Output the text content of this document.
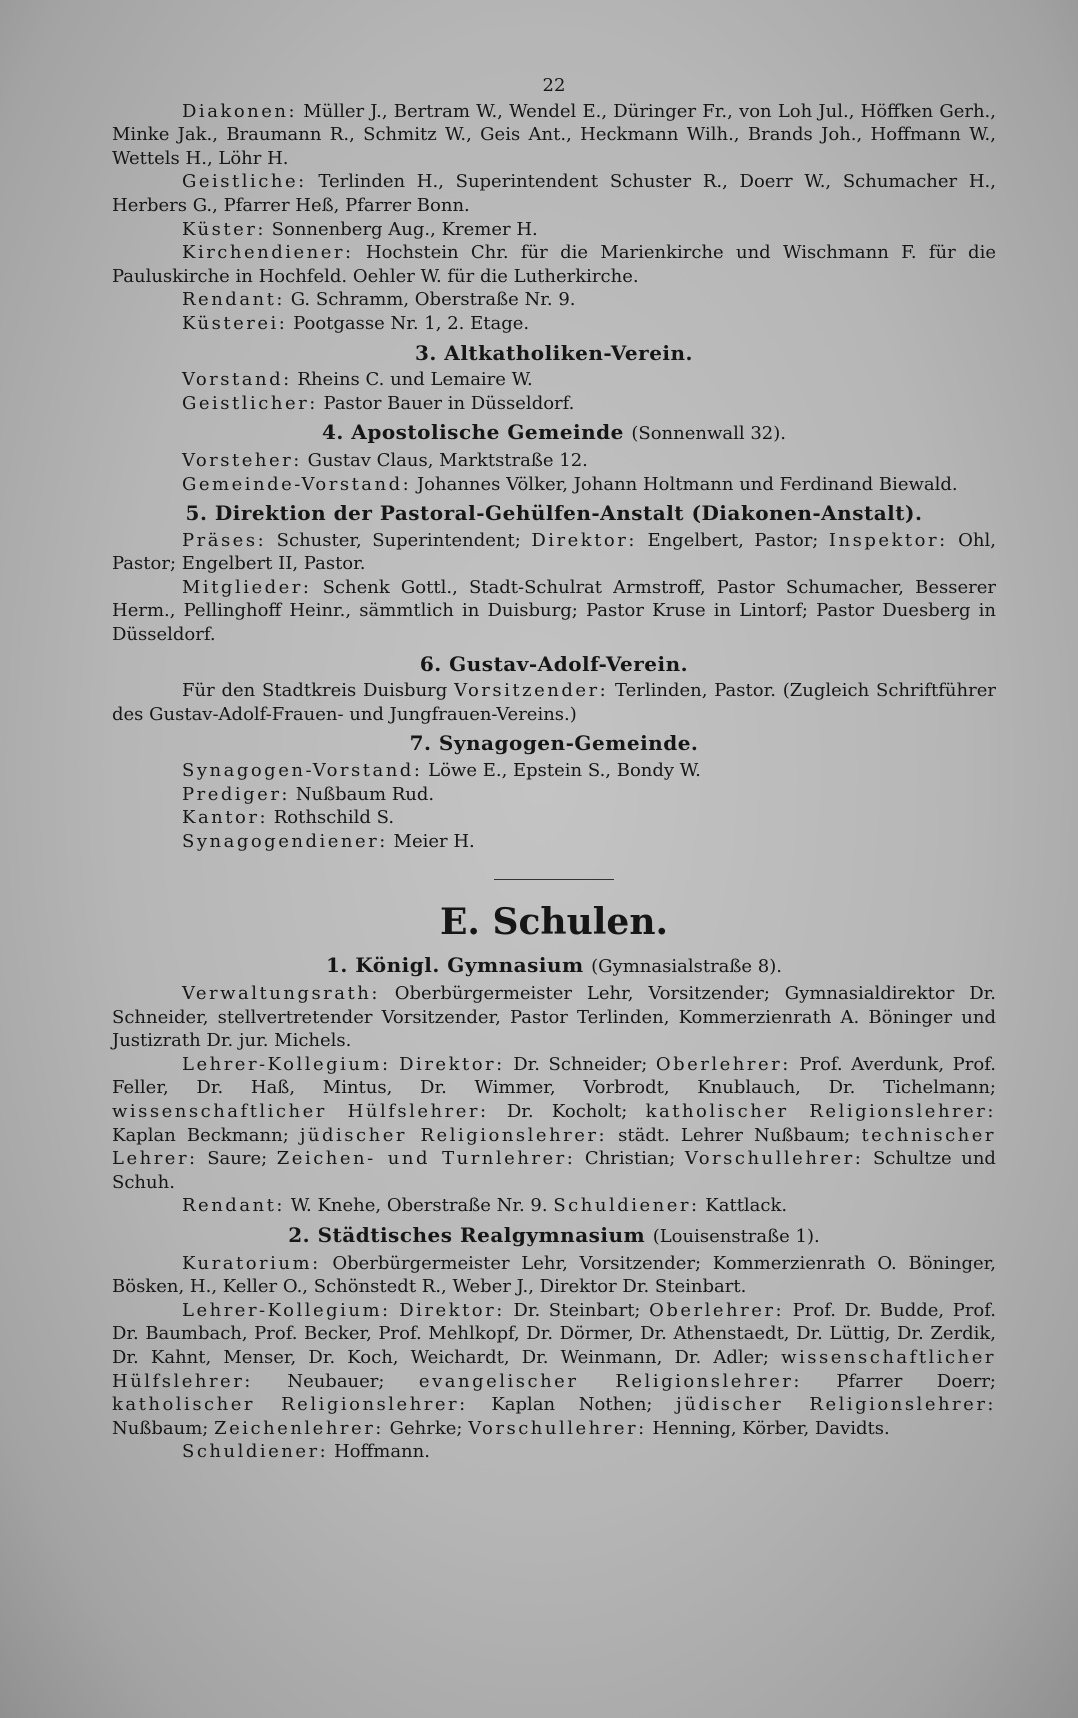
22

Diakonen: Müller J., Bertram W., Wendel E., Düringer Fr., von Loh Jul., Höffken Gerh., Minke Jak., Braumann R., Schmitz W., Geis Ant., Heckmann Wilh., Brands Joh., Hoffmann W., Wettels H., Löhr H.

Geistliche: Terlinden H., Superintendent Schuster R., Doerr W., Schumacher H., Herbers G., Pfarrer Heß, Pfarrer Bonn.

Küster: Sonnenberg Aug., Kremer H.

Kirchendiener: Hochstein Chr. für die Marienkirche und Wischmann F. für die Pauluskirche in Hochfeld. Oehler W. für die Lutherkirche.

Rendant: G. Schramm, Oberstraße Nr. 9.

Küsterei: Pootgasse Nr. 1, 2. Etage.

3. Altkatholiken-Verein.

Vorstand: Rheins C. und Lemaire W.

Geistlicher: Pastor Bauer in Düsseldorf.

4. Apostolische Gemeinde (Sonnenwall 32).

Vorsteher: Gustav Claus, Marktstraße 12.

Gemeinde-Vorstand: Johannes Völker, Johann Holtmann und Ferdinand Biewald.

5. Direktion der Pastoral-Gehülfen-Anstalt (Diakonen-Anstalt).

Präses: Schuster, Superintendent; Direktor: Engelbert, Pastor; Inspektor: Ohl, Pastor; Engelbert II, Pastor.

Mitglieder: Schenk Gottl., Stadt-Schulrat Armstroff, Pastor Schumacher, Besserer Herm., Pellinghoff Heinr., sämmtlich in Duisburg; Pastor Kruse in Lintorf; Pastor Duesberg in Düsseldorf.

6. Gustav-Adolf-Verein.

Für den Stadtkreis Duisburg Vorsitzender: Terlinden, Pastor. (Zugleich Schriftführer des Gustav-Adolf-Frauen- und Jungfrauen-Vereins.)

7. Synagogen-Gemeinde.

Synagogen-Vorstand: Löwe E., Epstein S., Bondy W.

Prediger: Nußbaum Rud.

Kantor: Rothschild S.

Synagogendiener: Meier H.

E. Schulen.
1. Königl. Gymnasium (Gymnasialstraße 8).

Verwaltungsrath: Oberbürgermeister Lehr, Vorsitzender; Gymnasialdirektor Dr. Schneider, stellvertretender Vorsitzender, Pastor Terlinden, Kommerzienrath A. Böninger und Justizrath Dr. jur. Michels.

Lehrer-Kollegium: Direktor: Dr. Schneider; Oberlehrer: Prof. Averdunk, Prof. Feller, Dr. Haß, Mintus, Dr. Wimmer, Vorbrodt, Knublauch, Dr. Tichelmann; wissenschaftlicher Hülfslehrer: Dr. Kocholt; katholischer Religionslehrer: Kaplan Beckmann; jüdischer Religionslehrer: städt. Lehrer Nußbaum; technischer Lehrer: Saure; Zeichen- und Turnlehrer: Christian; Vorschullehrer: Schultze und Schuh.

Rendant: W. Knehe, Oberstraße Nr. 9. Schuldiener: Kattlack.

2. Städtisches Realgymnasium (Louisenstraße 1).

Kuratorium: Oberbürgermeister Lehr, Vorsitzender; Kommerzienrath O. Böninger, Bösken, H., Keller O., Schönstedt R., Weber J., Direktor Dr. Steinbart.

Lehrer-Kollegium: Direktor: Dr. Steinbart; Oberlehrer: Prof. Dr. Budde, Prof. Dr. Baumbach, Prof. Becker, Prof. Mehlkopf, Dr. Dörmer, Dr. Athenstaedt, Dr. Lüttig, Dr. Zerdik, Dr. Kahnt, Menser, Dr. Koch, Weichardt, Dr. Weinmann, Dr. Adler; wissenschaftlicher Hülfslehrer: Neubauer; evangelischer Religionslehrer: Pfarrer Doerr; katholischer Religionslehrer: Kaplan Nothen; jüdischer Religionslehrer: Nußbaum; Zeichenlehrer: Gehrke; Vorschullehrer: Henning, Körber, Davidts.

Schuldiener: Hoffmann.
